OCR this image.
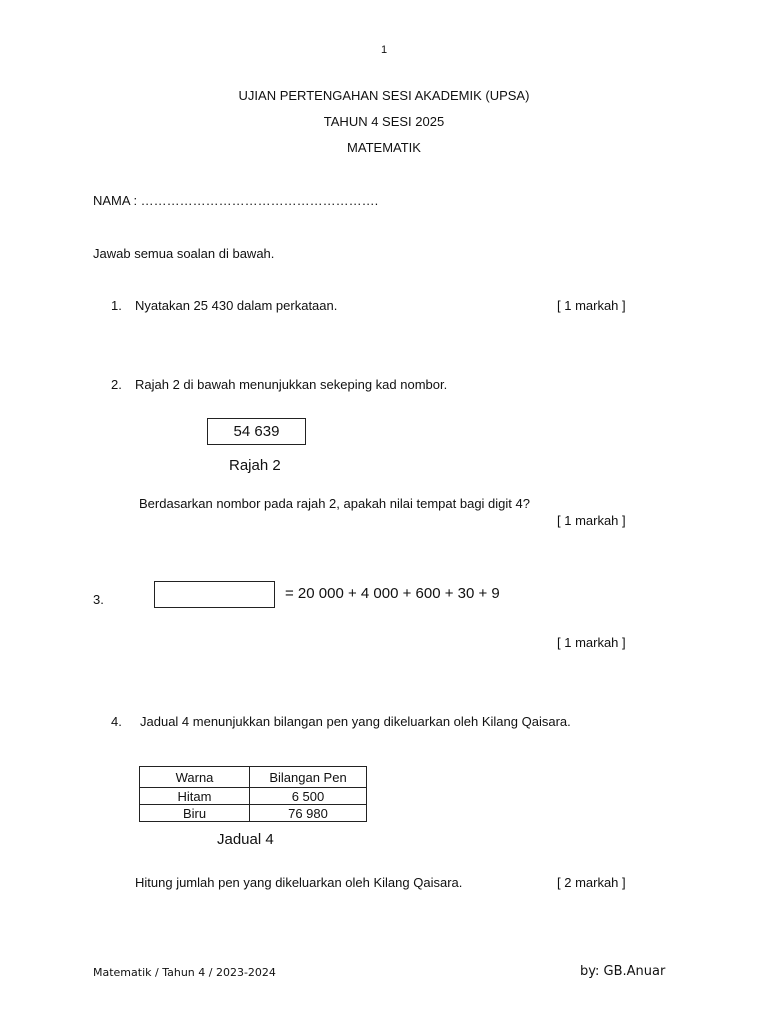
1
UJIAN PERTENGAHAN SESI AKADEMIK (UPSA)
TAHUN 4 SESI 2025
MATEMATIK
NAMA : ……………………………………………….
Jawab semua soalan di bawah.
1. Nyatakan 25 430 dalam perkataan.	[ 1 markah ]
2. Rajah 2 di bawah menunjukkan sekeping kad nombor.
54 639
Rajah 2
Berdasarkan nombor pada rajah 2, apakah nilai tempat bagi digit 4?
[ 1 markah ]
3.	= 20 000 + 4 000 + 600 + 30 + 9
[ 1 markah ]
4. Jadual 4 menunjukkan bilangan pen yang dikeluarkan oleh Kilang Qaisara.
Warna	Bilangan Pen
Hitam	6 500
Biru	76 980
Jadual 4
Hitung jumlah pen yang dikeluarkan oleh Kilang Qaisara.	[ 2 markah ]
Matematik / Tahun 4 / 2023-2024	by: GB.Anuar
